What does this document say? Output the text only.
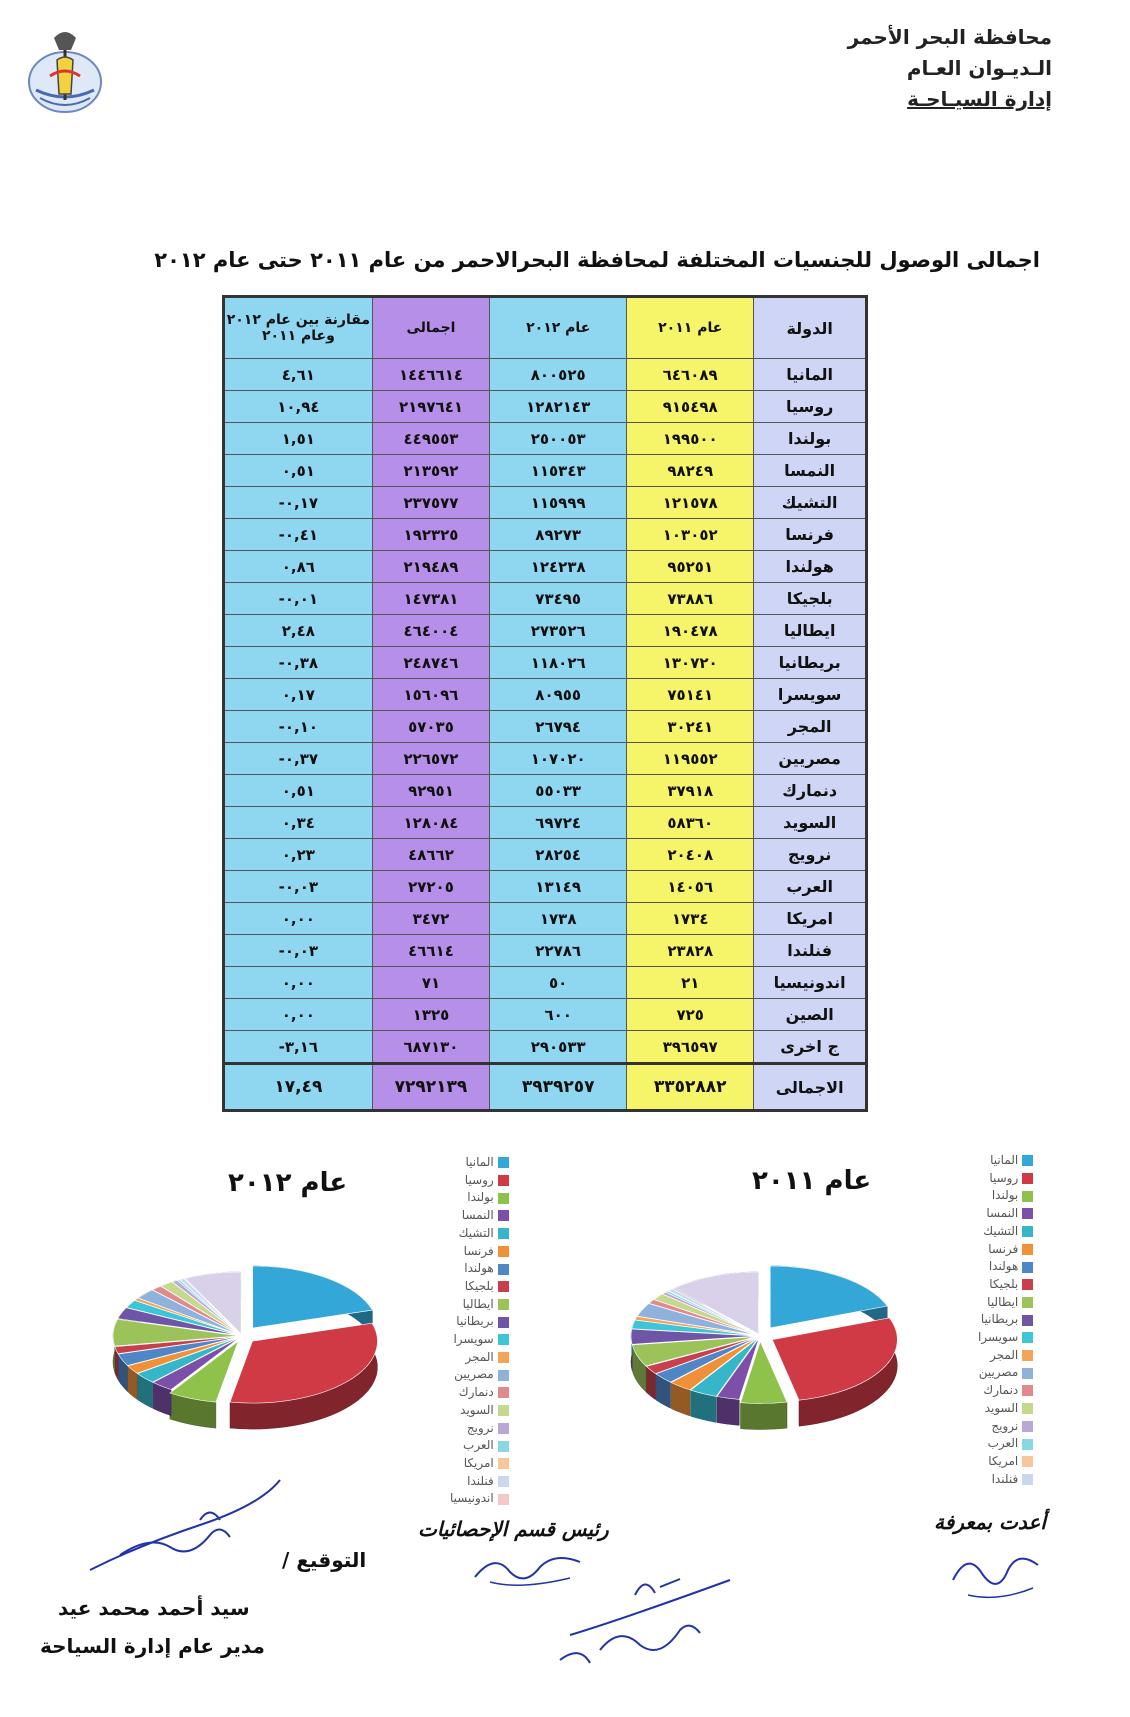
محافظة البحر الأحمر
الـديـوان العـام
إدارة السيـاحـة
اجمالى الوصول للجنسيات المختلفة لمحافظة البحرالاحمر من عام ٢٠١١ حتى عام ٢٠١٢
الدولة	عام ٢٠١١	عام ٢٠١٢	اجمالى	مقارنة بين عام ٢٠١٢ وعام ٢٠١١
المانيا	٦٤٦٠٨٩	٨٠٠٥٢٥	١٤٤٦٦١٤	٤,٦١
روسيا	٩١٥٤٩٨	١٢٨٢١٤٣	٢١٩٧٦٤١	١٠,٩٤
بولندا	١٩٩٥٠٠	٢٥٠٠٥٣	٤٤٩٥٥٣	١,٥١
النمسا	٩٨٢٤٩	١١٥٣٤٣	٢١٣٥٩٢	٠,٥١
التشيك	١٢١٥٧٨	١١٥٩٩٩	٢٣٧٥٧٧	٠,١٧-
فرنسا	١٠٣٠٥٢	٨٩٢٧٣	١٩٢٣٢٥	٠,٤١-
هولندا	٩٥٢٥١	١٢٤٢٣٨	٢١٩٤٨٩	٠,٨٦
بلجيكا	٧٣٨٨٦	٧٣٤٩٥	١٤٧٣٨١	٠,٠١-
ايطاليا	١٩٠٤٧٨	٢٧٣٥٢٦	٤٦٤٠٠٤	٢,٤٨
بريطانيا	١٣٠٧٢٠	١١٨٠٢٦	٢٤٨٧٤٦	٠,٣٨-
سويسرا	٧٥١٤١	٨٠٩٥٥	١٥٦٠٩٦	٠,١٧
المجر	٣٠٢٤١	٢٦٧٩٤	٥٧٠٣٥	٠,١٠-
مصريين	١١٩٥٥٢	١٠٧٠٢٠	٢٢٦٥٧٢	٠,٣٧-
دنمارك	٣٧٩١٨	٥٥٠٣٣	٩٢٩٥١	٠,٥١
السويد	٥٨٣٦٠	٦٩٧٢٤	١٢٨٠٨٤	٠,٣٤
نرويج	٢٠٤٠٨	٢٨٢٥٤	٤٨٦٦٢	٠,٢٣
العرب	١٤٠٥٦	١٣١٤٩	٢٧٢٠٥	٠,٠٣-
امريكا	١٧٣٤	١٧٣٨	٣٤٧٢	٠,٠٠
فنلندا	٢٣٨٢٨	٢٢٧٨٦	٤٦٦١٤	٠,٠٣-
اندونيسيا	٢١	٥٠	٧١	٠,٠٠
الصين	٧٢٥	٦٠٠	١٣٢٥	٠,٠٠
ج اخرى	٣٩٦٥٩٧	٢٩٠٥٣٣	٦٨٧١٣٠	٣,١٦-
الاجمالى	٣٣٥٢٨٨٢	٣٩٣٩٢٥٧	٧٢٩٢١٣٩	١٧,٤٩
عام ٢٠١٢
المانيا
روسيا
بولندا
النمسا
التشيك
فرنسا
هولندا
بلجيكا
ايطاليا
بريطانيا
سويسرا
المجر
مصريين
دنمارك
السويد
نرويج
العرب
امريكا
فنلندا
اندونيسيا
عام ٢٠١١
المانيا
روسيا
بولندا
النمسا
التشيك
فرنسا
هولندا
بلجيكا
ايطاليا
بريطانيا
سويسرا
المجر
مصريين
دنمارك
السويد
نرويج
العرب
امريكا
فنلندا
أعدت بمعرفة
رئيس قسم الإحصائيات
التوقيع /
سيد أحمد محمد عيد
مدير عام إدارة السياحة
